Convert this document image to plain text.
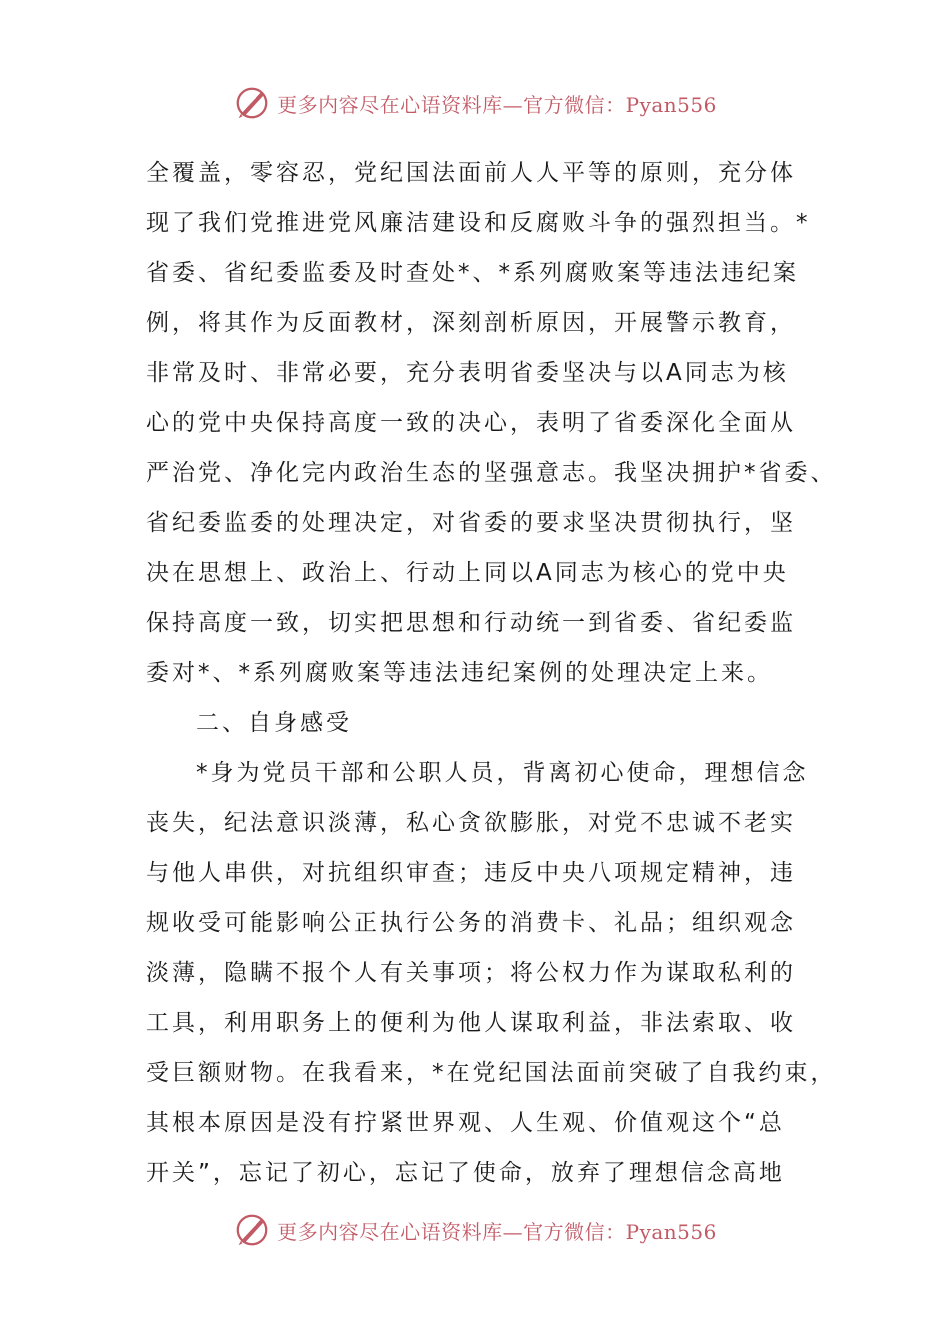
更多内容尽在心语资料库—官方微信：Pyan556
全覆盖，零容忍，党纪国法面前人人平等的原则，充分体
现了我们党推进党风廉洁建设和反腐败斗争的强烈担当。*
省委、省纪委监委及时查处*、*系列腐败案等违法违纪案
例，将其作为反面教材，深刻剖析原因，开展警示教育，
非常及时、非常必要，充分表明省委坚决与以A同志为核
心的党中央保持高度一致的决心，表明了省委深化全面从
严治党、净化完内政治生态的坚强意志。我坚决拥护*省委、
省纪委监委的处理决定，对省委的要求坚决贯彻执行，坚
决在思想上、政治上、行动上同以A同志为核心的党中央
保持高度一致，切实把思想和行动统一到省委、省纪委监
委对*、*系列腐败案等违法违纪案例的处理决定上来。
二、自身感受
*身为党员干部和公职人员，背离初心使命，理想信念
丧失，纪法意识淡薄，私心贪欲膨胀，对党不忠诚不老实
与他人串供，对抗组织审查；违反中央八项规定精神，违
规收受可能影响公正执行公务的消费卡、礼品；组织观念
淡薄，隐瞒不报个人有关事项；将公权力作为谋取私利的
工具，利用职务上的便利为他人谋取利益，非法索取、收
受巨额财物。在我看来，*在党纪国法面前突破了自我约束，
其根本原因是没有拧紧世界观、人生观、价值观这个“总
开关”，忘记了初心，忘记了使命，放弃了理想信念高地
更多内容尽在心语资料库—官方微信：Pyan556
